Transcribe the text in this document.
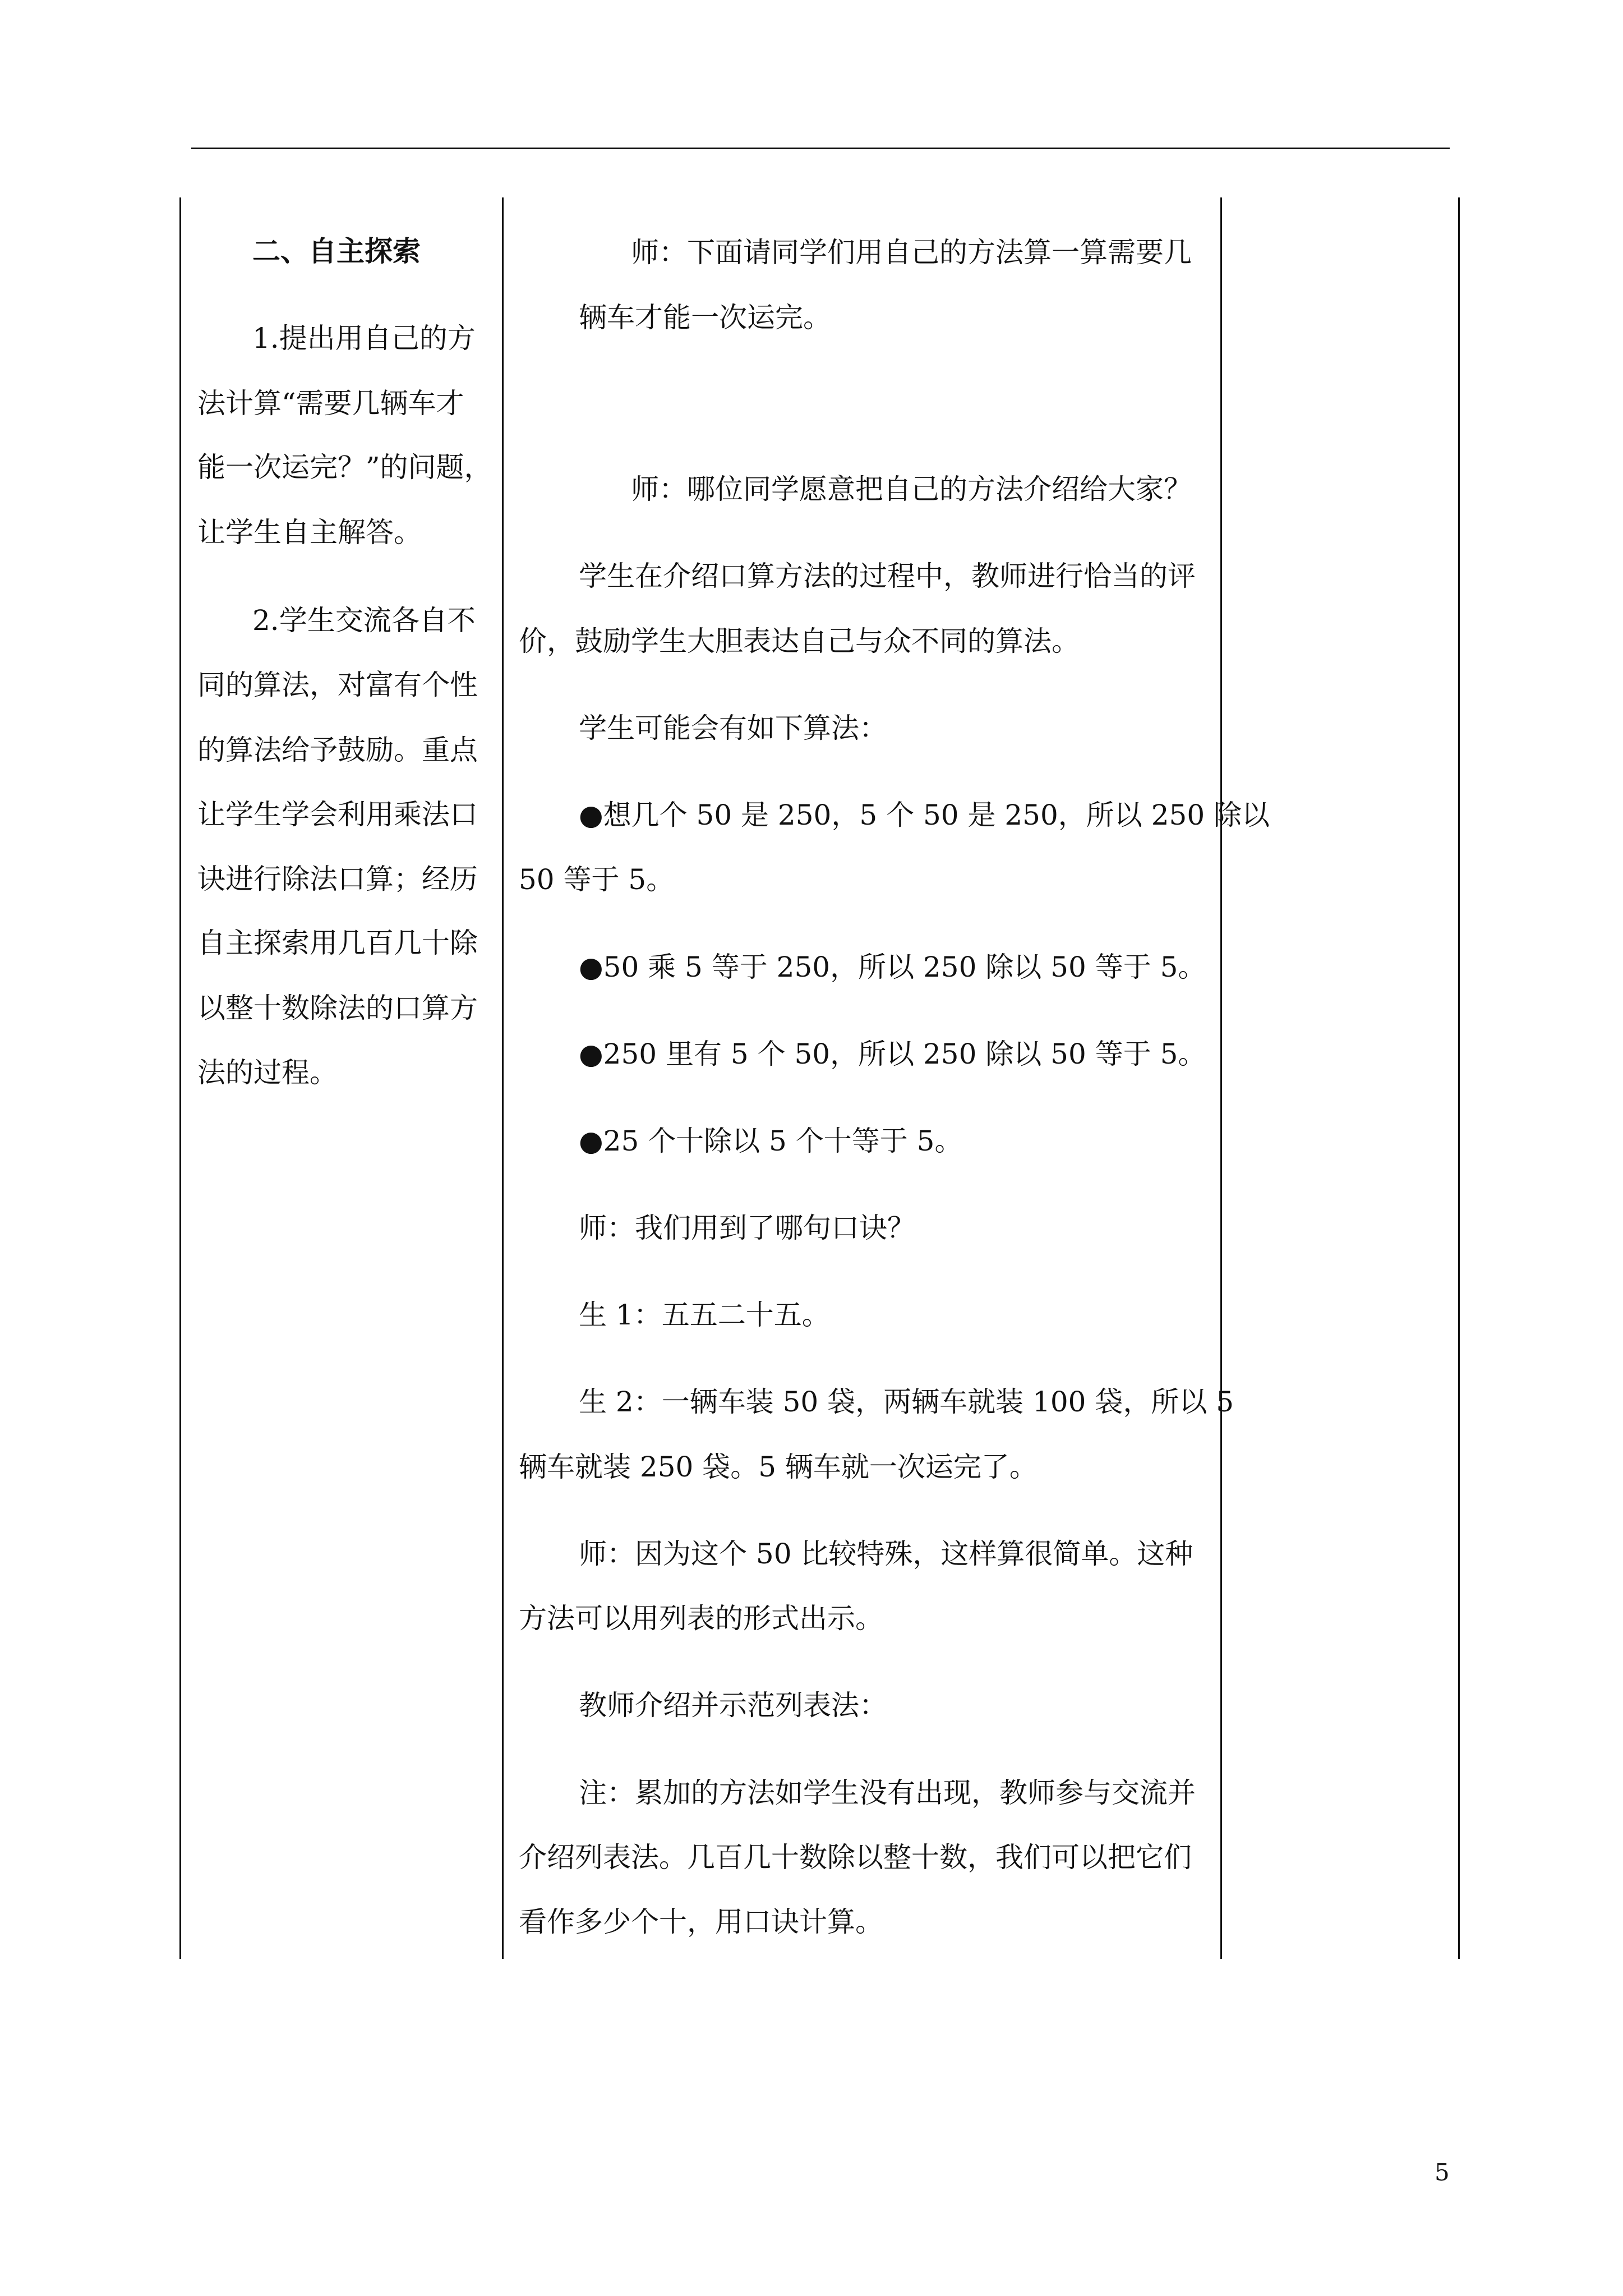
二、自主探索
1.提出用自己的方
法计算“需要几辆车才
能一次运完？”的问题，
让学生自主解答。
2.学生交流各自不
同的算法，对富有个性
的算法给予鼓励。重点
让学生学会利用乘法口
诀进行除法口算；经历
自主探索用几百几十除
以整十数除法的口算方
法的过程。
师：下面请同学们用自己的方法算一算需要几
辆车才能一次运完。
师：哪位同学愿意把自己的方法介绍给大家？
学生在介绍口算方法的过程中，教师进行恰当的评
价，鼓励学生大胆表达自己与众不同的算法。
学生可能会有如下算法：
●想几个 50 是 250，5 个 50 是 250，所以 250 除以
50 等于 5。
●50 乘 5 等于 250，所以 250 除以 50 等于 5。
●250 里有 5 个 50，所以 250 除以 50 等于 5。
●25 个十除以 5 个十等于 5。
师：我们用到了哪句口诀？
生 1：五五二十五。
生 2：一辆车装 50 袋，两辆车就装 100 袋，所以 5
辆车就装 250 袋。5 辆车就一次运完了。
师：因为这个 50 比较特殊，这样算很简单。这种
方法可以用列表的形式出示。
教师介绍并示范列表法：
注：累加的方法如学生没有出现，教师参与交流并
介绍列表法。几百几十数除以整十数，我们可以把它们
看作多少个十，用口诀计算。
5
